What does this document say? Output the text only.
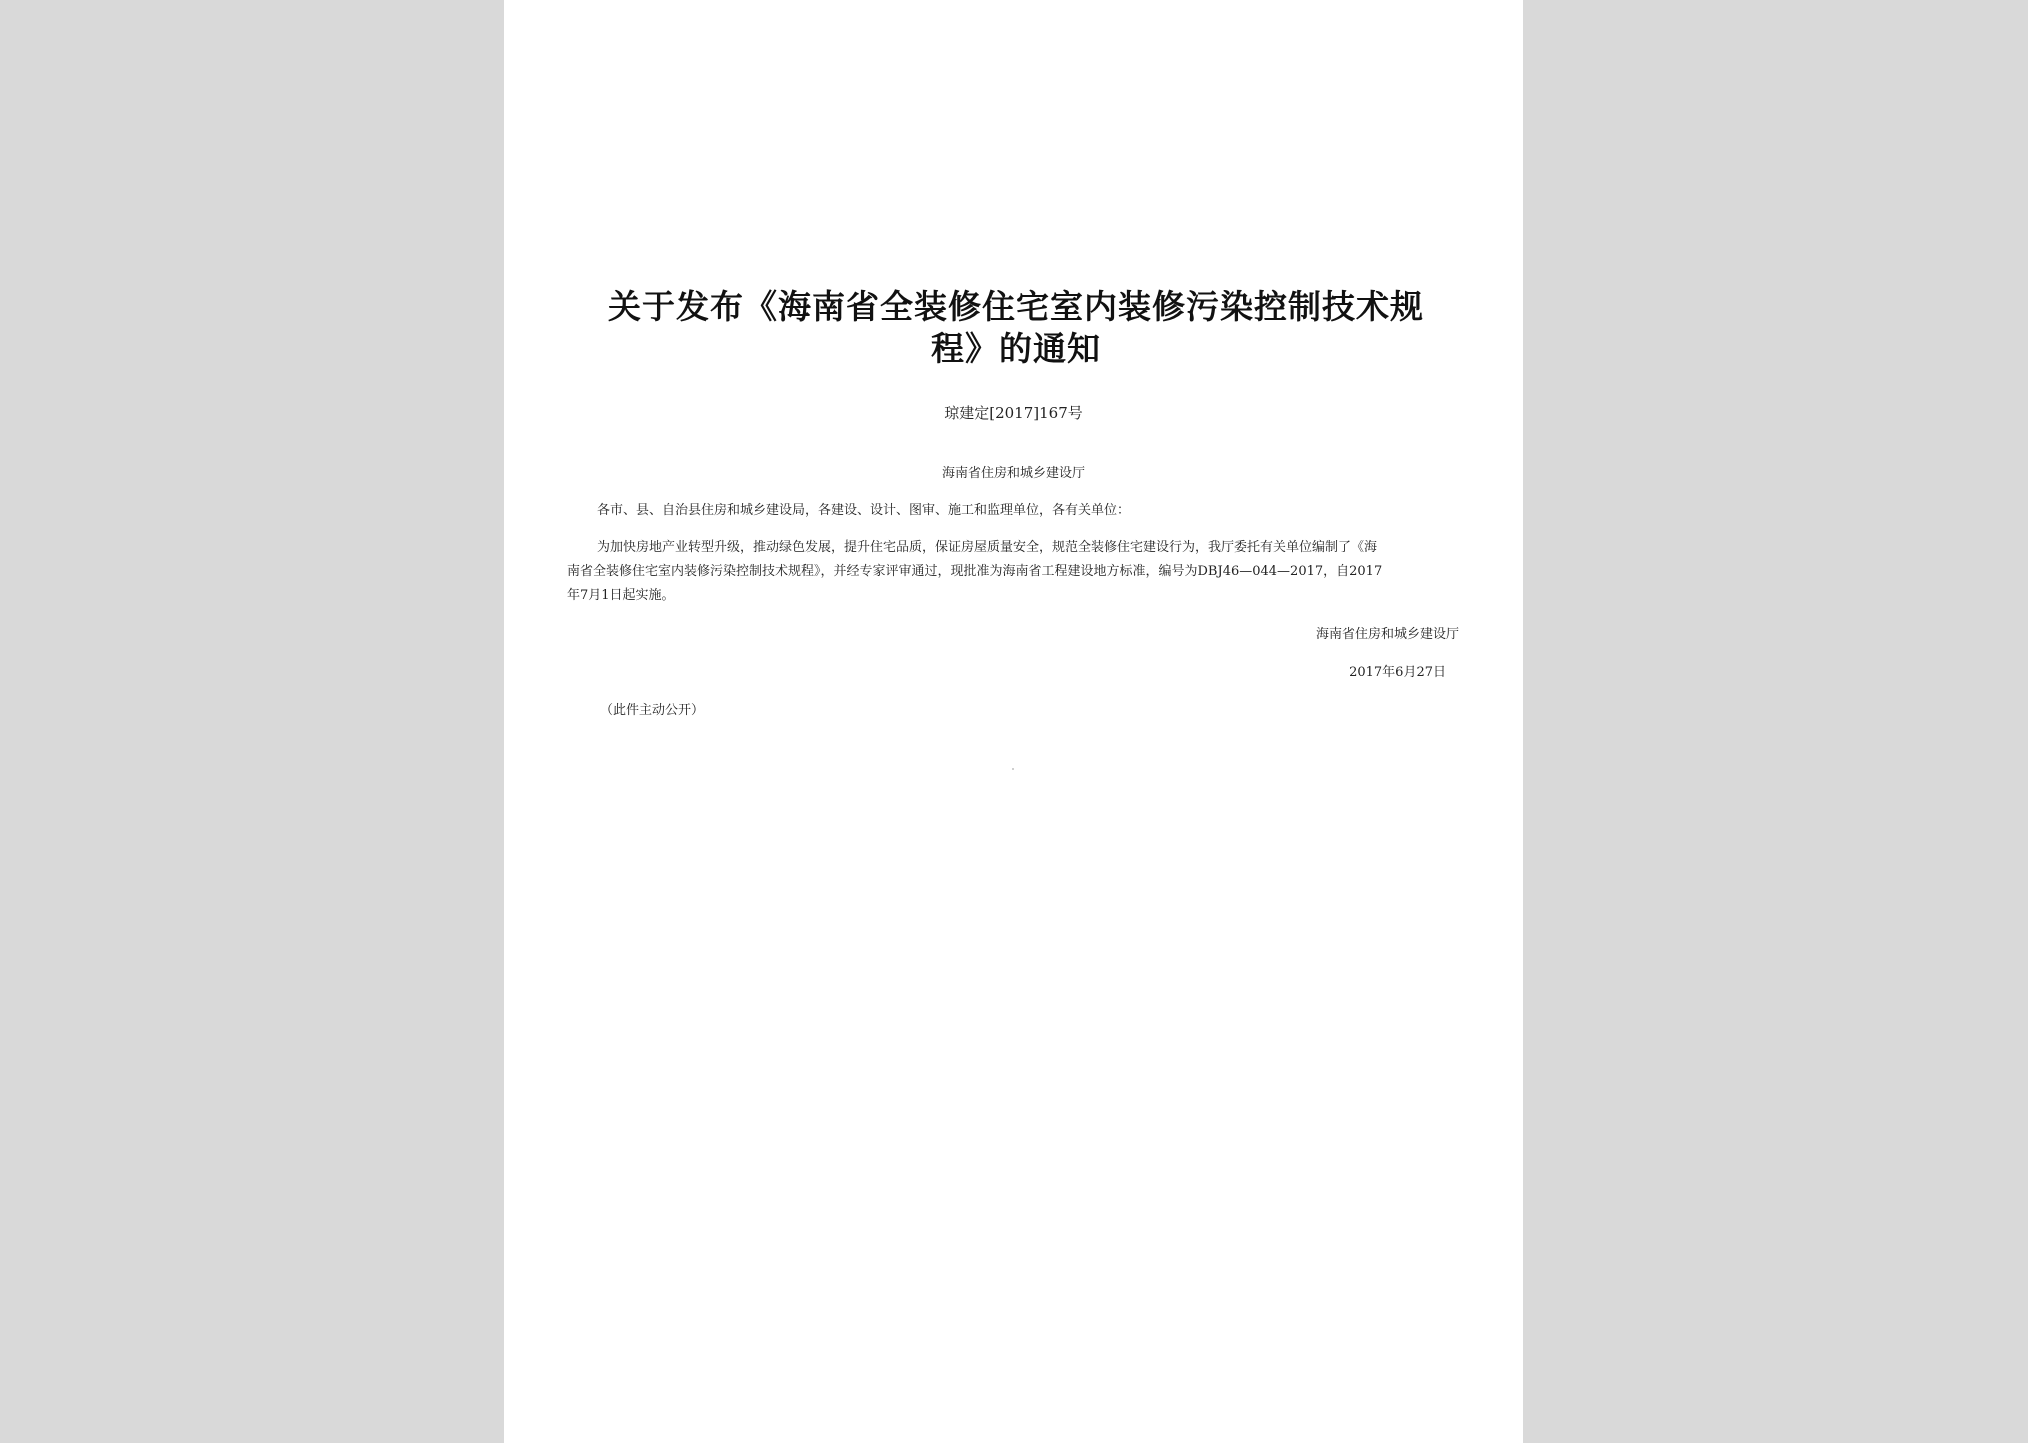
关于发布《海南省全装修住宅室内装修污染控制技术规
程》的通知
琼建定[2017]167号
海南省住房和城乡建设厅
各市、县、自治县住房和城乡建设局，各建设、设计、图审、施工和监理单位，各有关单位：
为加快房地产业转型升级，推动绿色发展，提升住宅品质，保证房屋质量安全，规范全装修住宅建设行为，我厅委托有关单位编制了《海
南省全装修住宅室内装修污染控制技术规程》，并经专家评审通过，现批准为海南省工程建设地方标准，编号为DBJ46—044—2017，自2017
年7月1日起实施。
海南省住房和城乡建设厅
2017年6月27日
（此件主动公开）
